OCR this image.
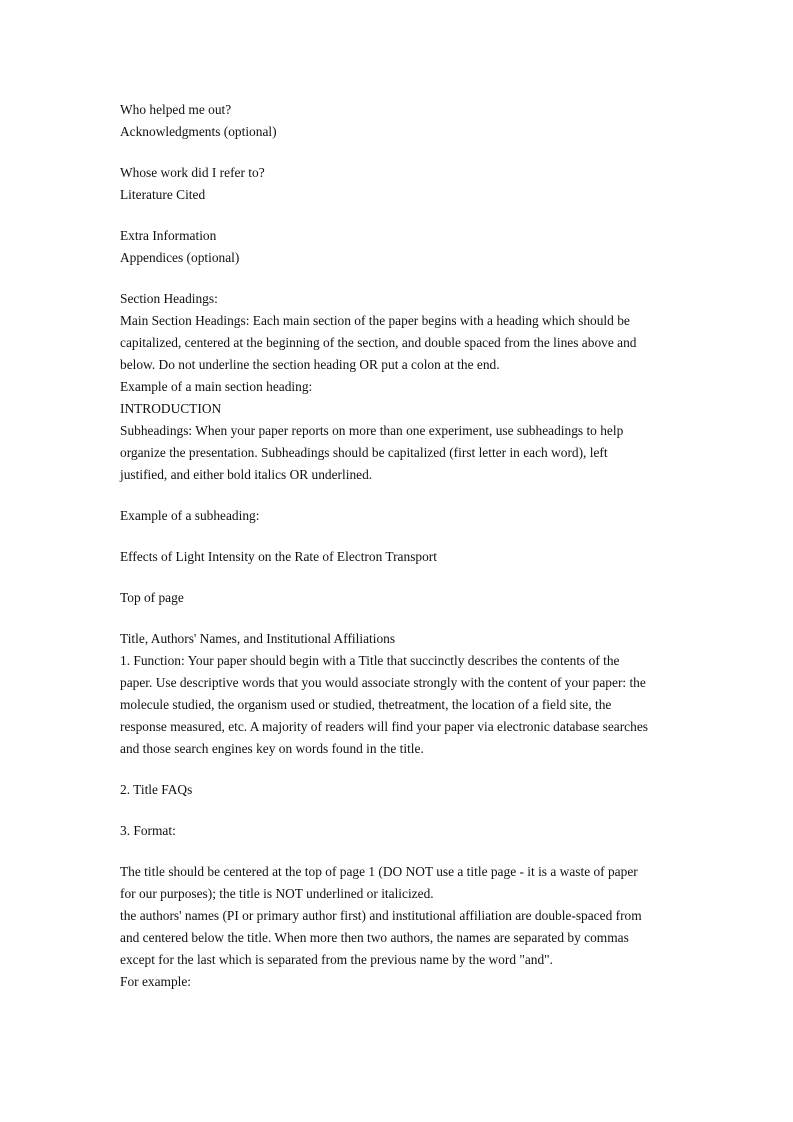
Who helped me out?
Acknowledgments (optional)
Whose work did I refer to?
Literature Cited
Extra Information
Appendices (optional)
Section Headings:
Main Section Headings: Each main section of the paper begins with a heading which should be
capitalized, centered at the beginning of the section, and double spaced from the lines above and
below. Do not underline the section heading OR put a colon at the end.
Example of a main section heading:
INTRODUCTION
Subheadings: When your paper reports on more than one experiment, use subheadings to help
organize the presentation. Subheadings should be capitalized (first letter in each word), left
justified, and either bold italics OR underlined.
Example of a subheading:
Effects of Light Intensity on the Rate of Electron Transport
Top of page
Title, Authors' Names, and Institutional Affiliations
1. Function: Your paper should begin with a Title that succinctly describes the contents of the
paper. Use descriptive words that you would associate strongly with the content of your paper: the
molecule studied, the organism used or studied, thetreatment, the location of a field site, the
response measured, etc. A majority of readers will find your paper via electronic database searches
and those search engines key on words found in the title.
2. Title FAQs
3. Format:
The title should be centered at the top of page 1 (DO NOT use a title page - it is a waste of paper
for our purposes); the title is NOT underlined or italicized.
the authors' names (PI or primary author first) and institutional affiliation are double-spaced from
and centered below the title. When more then two authors, the names are separated by commas
except for the last which is separated from the previous name by the word "and".
For example:
